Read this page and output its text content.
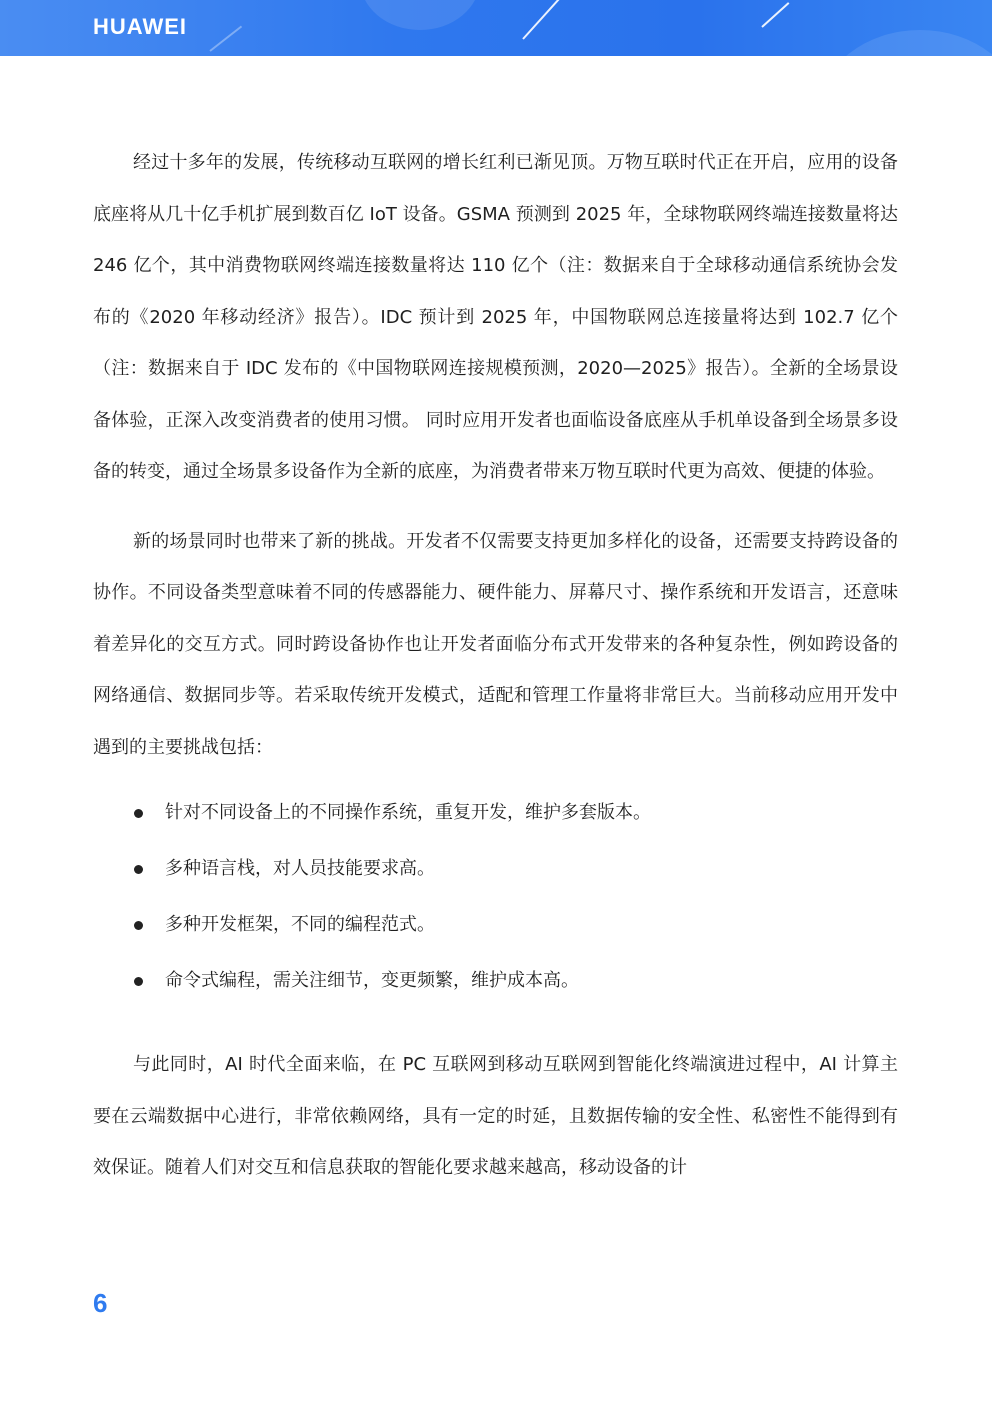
HUAWEI

经过十多年的发展，传统移动互联网的增长红利已渐见顶。万物互联时代正在开启，应用的设备底座将从几十亿手机扩展到数百亿 IoT 设备。GSMA 预测到 2025 年，全球物联网终端连接数量将达 246 亿个，其中消费物联网终端连接数量将达 110 亿个（注：数据来自于全球移动通信系统协会发布的《2020 年移动经济》报告）。IDC 预计到 2025 年，中国物联网总连接量将达到 102.7 亿个（注：数据来自于 IDC 发布的《中国物联网连接规模预测，2020—2025》报告）。全新的全场景设备体验，正深入改变消费者的使用习惯。 同时应用开发者也面临设备底座从手机单设备到全场景多设备的转变，通过全场景多设备作为全新的底座，为消费者带来万物互联时代更为高效、便捷的体验。

新的场景同时也带来了新的挑战。开发者不仅需要支持更加多样化的设备，还需要支持跨设备的协作。不同设备类型意味着不同的传感器能力、硬件能力、屏幕尺寸、操作系统和开发语言，还意味着差异化的交互方式。同时跨设备协作也让开发者面临分布式开发带来的各种复杂性，例如跨设备的网络通信、数据同步等。若采取传统开发模式，适配和管理工作量将非常巨大。当前移动应用开发中遇到的主要挑战包括：

针对不同设备上的不同操作系统，重复开发，维护多套版本。
多种语言栈，对人员技能要求高。
多种开发框架，不同的编程范式。
命令式编程，需关注细节，变更频繁，维护成本高。

与此同时，AI 时代全面来临，在 PC 互联网到移动互联网到智能化终端演进过程中，AI 计算主要在云端数据中心进行，非常依赖网络，具有一定的时延，且数据传输的安全性、私密性不能得到有效保证。随着人们对交互和信息获取的智能化要求越来越高，移动设备的计

6
